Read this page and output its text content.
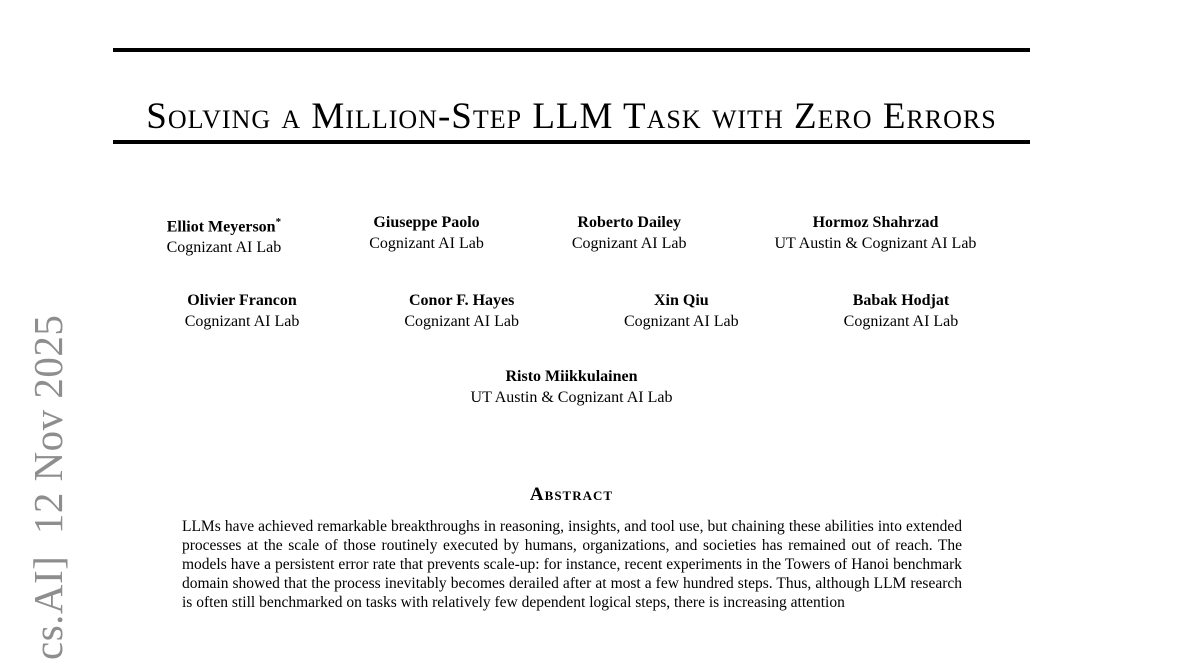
cs.AI]  12 Nov 2025
Solving a Million-Step LLM Task with Zero Errors
Elliot Meyerson*
Cognizant AI Lab
Giuseppe Paolo
Cognizant AI Lab
Roberto Dailey
Cognizant AI Lab
Hormoz Shahrzad
UT Austin & Cognizant AI Lab
Olivier Francon
Cognizant AI Lab
Conor F. Hayes
Cognizant AI Lab
Xin Qiu
Cognizant AI Lab
Babak Hodjat
Cognizant AI Lab
Risto Miikkulainen
UT Austin & Cognizant AI Lab
Abstract

LLMs have achieved remarkable breakthroughs in reasoning, insights, and tool use, but chaining these abilities into extended processes at the scale of those routinely executed by humans, organizations, and societies has remained out of reach. The models have a persistent error rate that prevents scale-up: for instance, recent experiments in the Towers of Hanoi benchmark domain showed that the process inevitably becomes derailed after at most a few hundred steps. Thus, although LLM research is often still benchmarked on tasks with relatively few dependent logical steps, there is increasing attention
